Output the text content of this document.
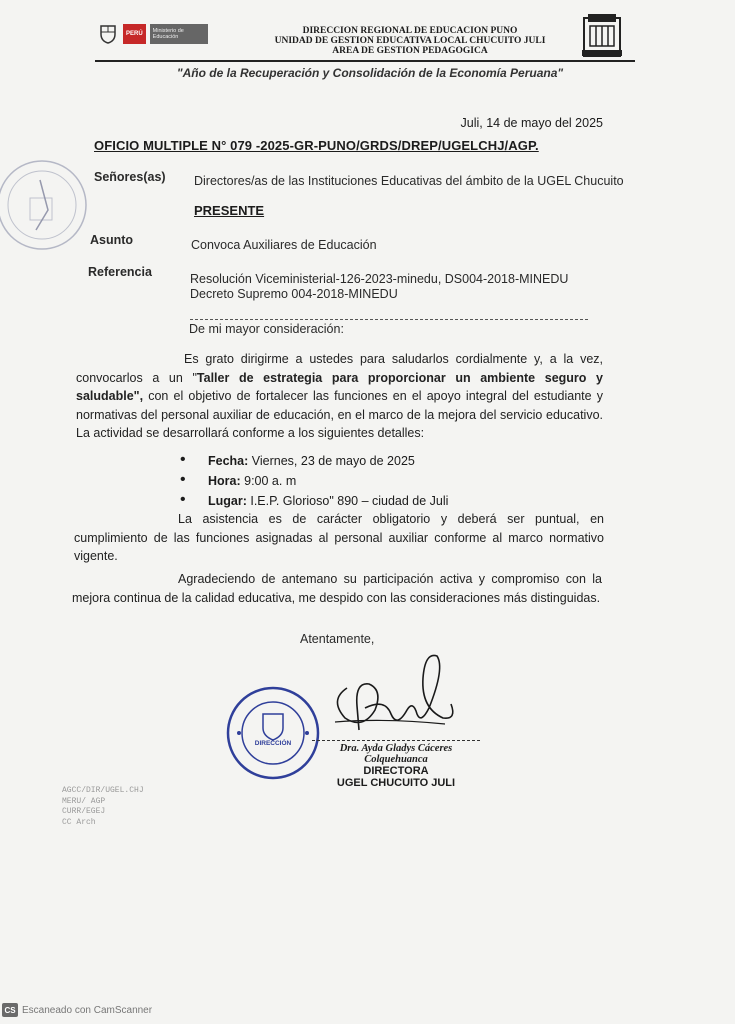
PERÚ	Ministerio de Educación
DIRECCION REGIONAL DE EDUCACION PUNO
UNIDAD DE GESTION EDUCATIVA LOCAL CHUCUITO JULI
AREA DE GESTION PEDAGOGICA
"Año de la Recuperación y Consolidación de la Economía Peruana"
Juli, 14 de mayo del 2025
OFICIO MULTIPLE N° 079 -2025-GR-PUNO/GRDS/DREP/UGELCHJ/AGP.
Señores(as) Directores/as de las Instituciones Educativas del ámbito de la UGEL Chucuito
PRESENTE
Asunto	Convoca Auxiliares de Educación
Referencia	Resolución Viceministerial-126-2023-minedu, DS004-2018-MINEDU
Decreto Supremo 004-2018-MINEDU
De mi mayor consideración:
Es grato dirigirme a ustedes para saludarlos cordialmente y, a la vez, convocarlos a un "Taller de estrategia para proporcionar un ambiente seguro y saludable", con el objetivo de fortalecer las funciones en el apoyo integral del estudiante y normativas del personal auxiliar de educación, en el marco de la mejora del servicio educativo. La actividad se desarrollará conforme a los siguientes detalles:
• Fecha: Viernes, 23 de mayo de 2025
• Hora: 9:00 a. m
• Lugar: I.E.P. Glorioso" 890 – ciudad de Juli
La asistencia es de carácter obligatorio y deberá ser puntual, en cumplimiento de las funciones asignadas al personal auxiliar conforme al marco normativo vigente.
Agradeciendo de antemano su participación activa y compromiso con la mejora continua de la calidad educativa, me despido con las consideraciones más distinguidas.
Atentamente,
DIRECCIÓN	Dra. Ayda Gladys Cáceres Colquehuanca
DIRECTORA
UGEL CHUCUITO JULI
AGCC/DIR/UGEL.CHJ
MERU/ AGP
CURR/EGEJ
CC Arch
CS Escaneado con CamScanner
